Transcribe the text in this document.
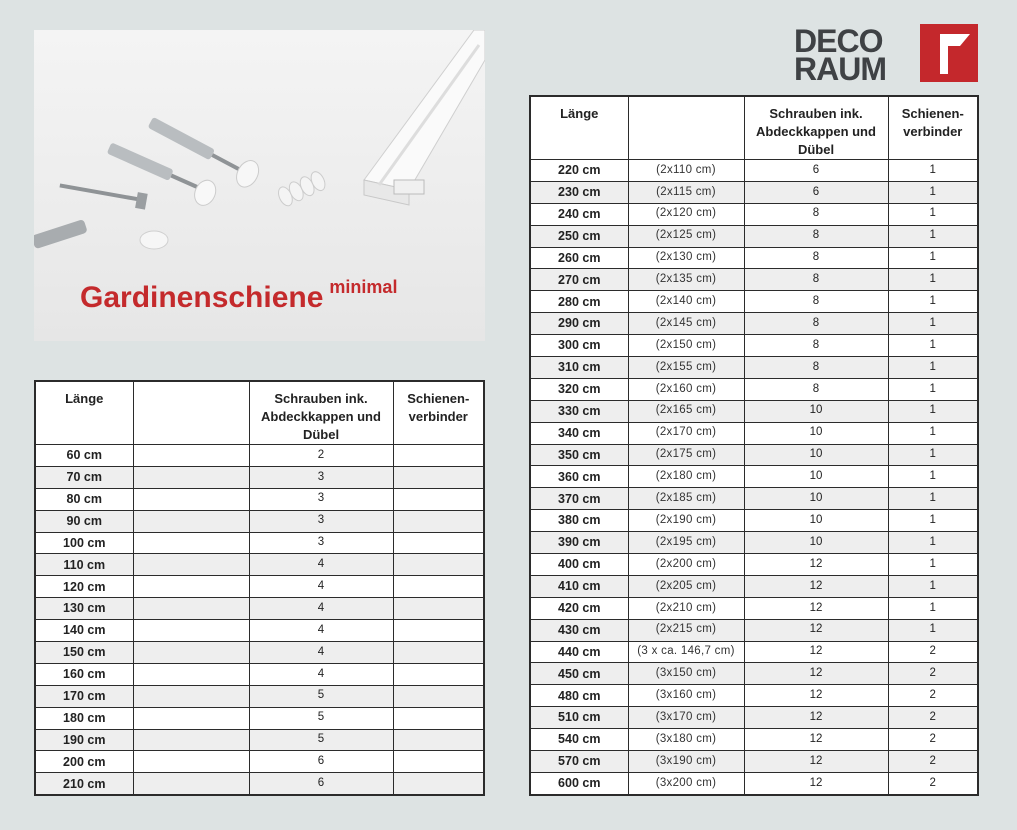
Gardinenschiene $^{minimal}$
DECO
RAUM
Länge		Schrauben ink. Abdeckkappen und Dübel	Schienen-verbinder
60 cm		2	
70 cm		3	
80 cm		3	
90 cm		3	
100 cm		3	
110 cm		4	
120 cm		4	
130 cm		4	
140 cm		4	
150 cm		4	
160 cm		4	
170 cm		5	
180 cm		5	
190 cm		5	
200 cm		6	
210 cm		6	
Länge		Schrauben ink. Abdeckkappen und Dübel	Schienen-verbinder
220 cm	(2x110 cm)	6	1
230 cm	(2x115 cm)	6	1
240 cm	(2x120 cm)	8	1
250 cm	(2x125 cm)	8	1
260 cm	(2x130 cm)	8	1
270 cm	(2x135 cm)	8	1
280 cm	(2x140 cm)	8	1
290 cm	(2x145 cm)	8	1
300 cm	(2x150 cm)	8	1
310 cm	(2x155 cm)	8	1
320 cm	(2x160 cm)	8	1
330 cm	(2x165 cm)	10	1
340 cm	(2x170 cm)	10	1
350 cm	(2x175 cm)	10	1
360 cm	(2x180 cm)	10	1
370 cm	(2x185 cm)	10	1
380 cm	(2x190 cm)	10	1
390 cm	(2x195 cm)	10	1
400 cm	(2x200 cm)	12	1
410 cm	(2x205 cm)	12	1
420 cm	(2x210 cm)	12	1
430 cm	(2x215 cm)	12	1
440 cm	(3 x ca. 146,7 cm)	12	2
450 cm	(3x150 cm)	12	2
480 cm	(3x160 cm)	12	2
510 cm	(3x170 cm)	12	2
540 cm	(3x180 cm)	12	2
570 cm	(3x190 cm)	12	2
600 cm	(3x200 cm)	12	2
